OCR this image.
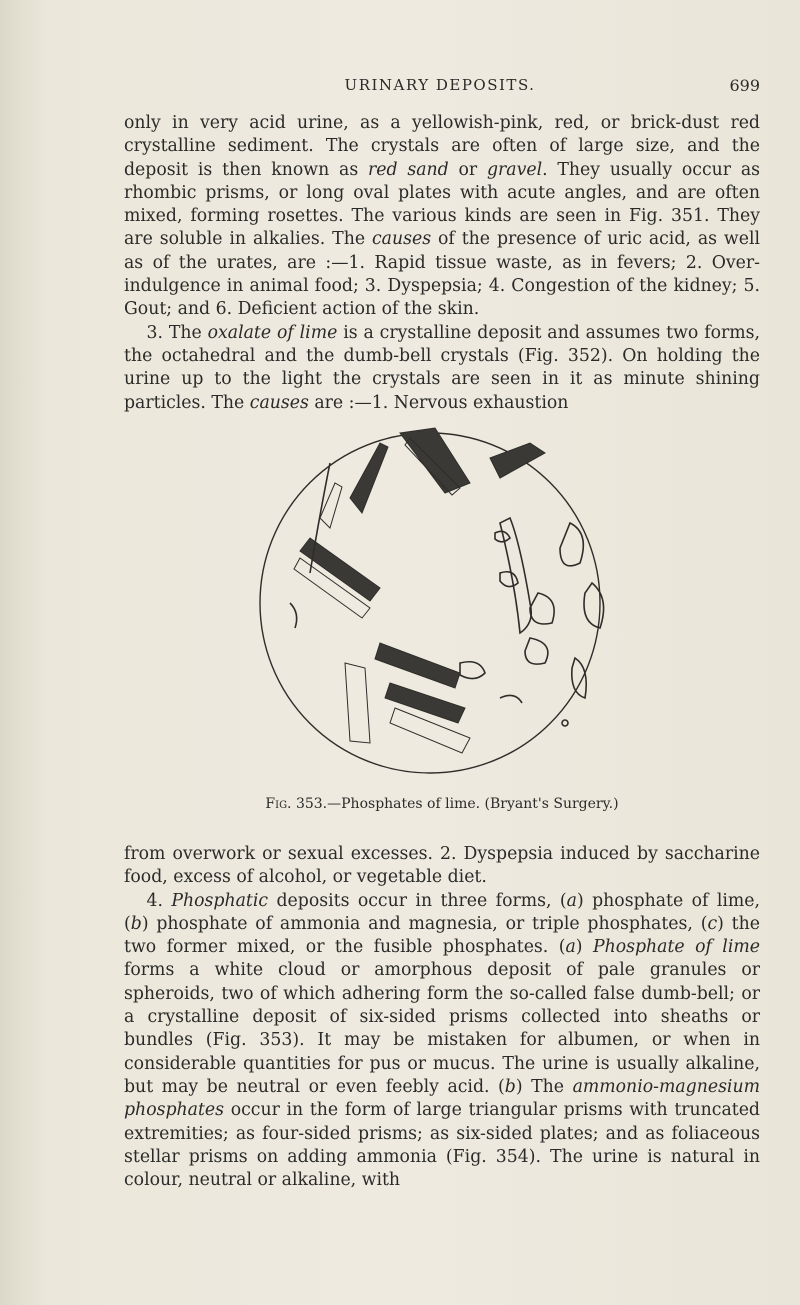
URINARY DEPOSITS.	699

only in very acid urine, as a yellowish-pink, red, or brick-dust red crystalline sediment. The crystals are often of large size, and the deposit is then known as red sand or gravel. They usually occur as rhombic prisms, or long oval plates with acute angles, and are often mixed, forming rosettes. The various kinds are seen in Fig. 351. They are soluble in alkalies. The causes of the presence of uric acid, as well as of the urates, are :—1. Rapid tissue waste, as in fevers; 2. Over-indulgence in animal food; 3. Dyspepsia; 4. Congestion of the kidney; 5. Gout; and 6. Deficient action of the skin.

3. The oxalate of lime is a crystalline deposit and assumes two forms, the octahedral and the dumb-bell crystals (Fig. 352). On holding the urine up to the light the crystals are seen in it as minute shining particles. The causes are :—1. Nervous exhaustion

Fig. 353.—Phosphates of lime. (Bryant's Surgery.)

from overwork or sexual excesses. 2. Dyspepsia induced by saccharine food, excess of alcohol, or vegetable diet.

4. Phosphatic deposits occur in three forms, (a) phosphate of lime, (b) phosphate of ammonia and magnesia, or triple phosphates, (c) the two former mixed, or the fusible phosphates. (a) Phosphate of lime forms a white cloud or amorphous deposit of pale granules or spheroids, two of which adhering form the so-called false dumb-bell; or a crystalline deposit of six-sided prisms collected into sheaths or bundles (Fig. 353). It may be mistaken for albumen, or when in considerable quantities for pus or mucus. The urine is usually alkaline, but may be neutral or even feebly acid. (b) The ammonio-magnesium phosphates occur in the form of large triangular prisms with truncated extremities; as four-sided prisms; as six-sided plates; and as foliaceous stellar prisms on adding ammonia (Fig. 354). The urine is natural in colour, neutral or alkaline, with
